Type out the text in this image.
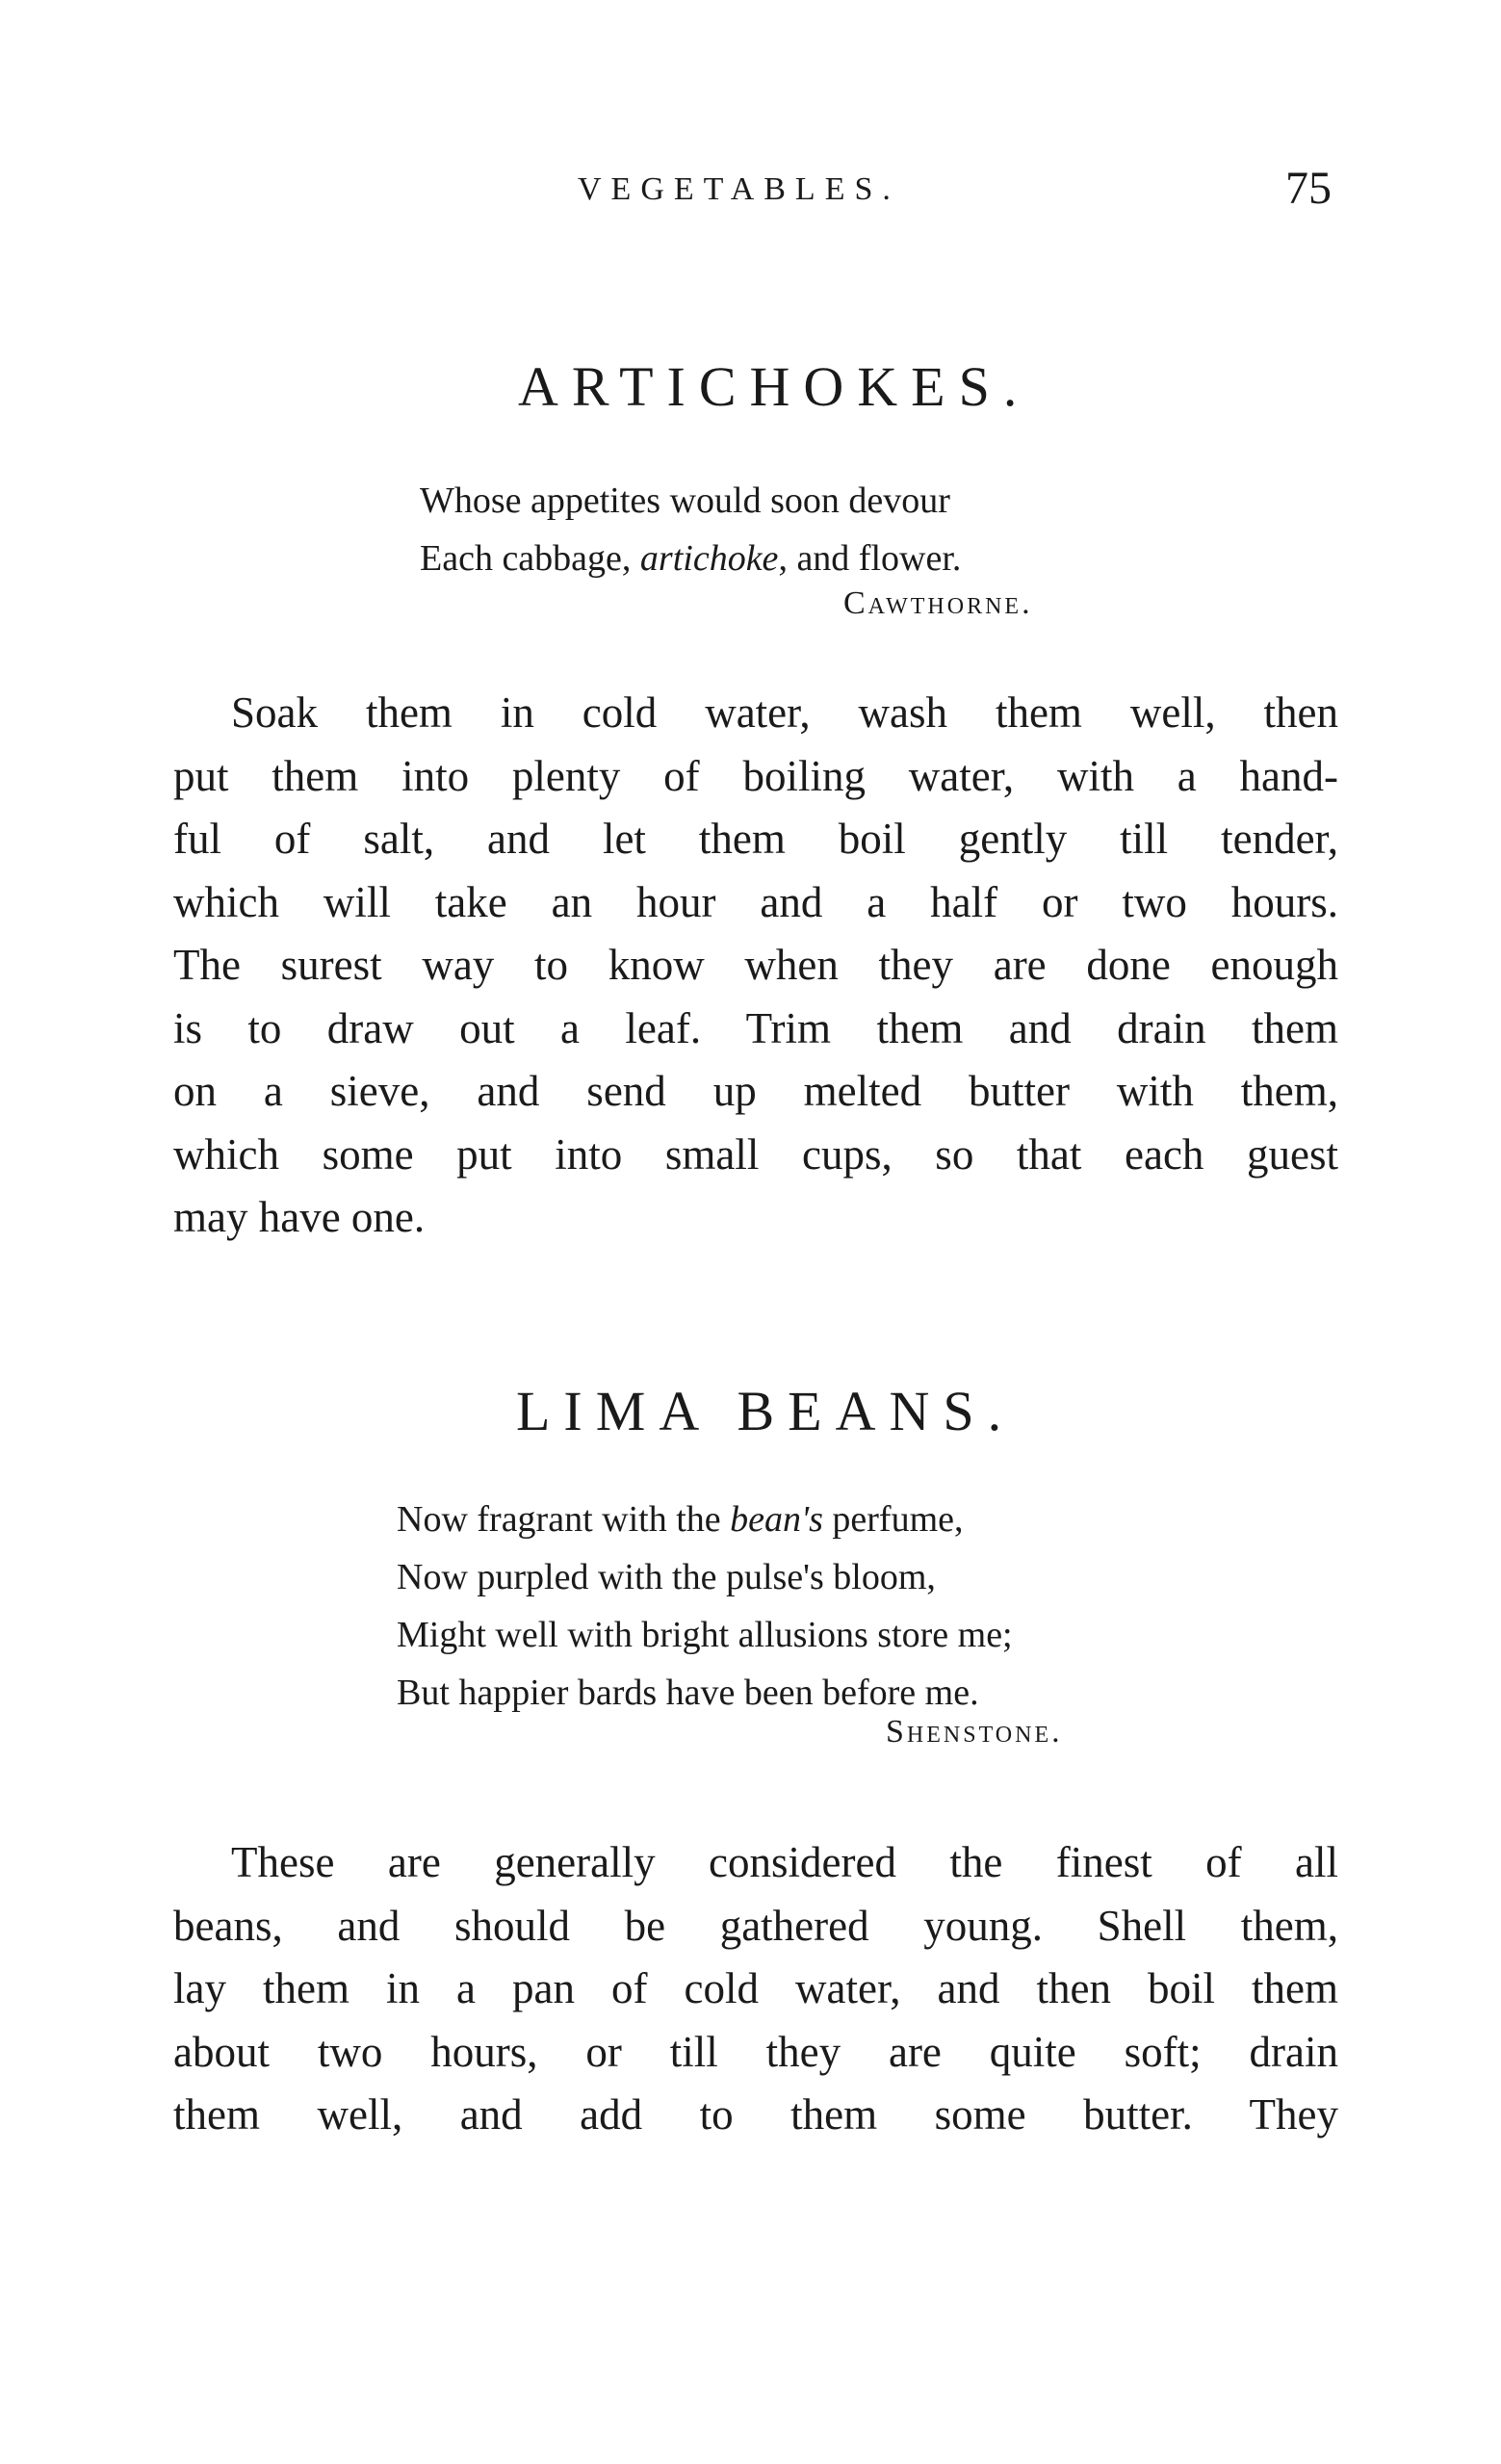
VEGETABLES.	75
ARTICHOKES.
Whose appetites would soon devour
Each cabbage, artichoke, and flower.
Cawthorne.
Soak them in cold water, wash them well, then
put them into plenty of boiling water, with a hand-
ful of salt, and let them boil gently till tender,
which will take an hour and a half or two hours.
The surest way to know when they are done enough
is to draw out a leaf. Trim them and drain them
on a sieve, and send up melted butter with them,
which some put into small cups, so that each guest
may have one.
LIMA BEANS.
Now fragrant with the bean's perfume,
Now purpled with the pulse's bloom,
Might well with bright allusions store me;
But happier bards have been before me.
Shenstone.
These are generally considered the finest of all
beans, and should be gathered young. Shell them,
lay them in a pan of cold water, and then boil them
about two hours, or till they are quite soft; drain
them well, and add to them some butter. They
